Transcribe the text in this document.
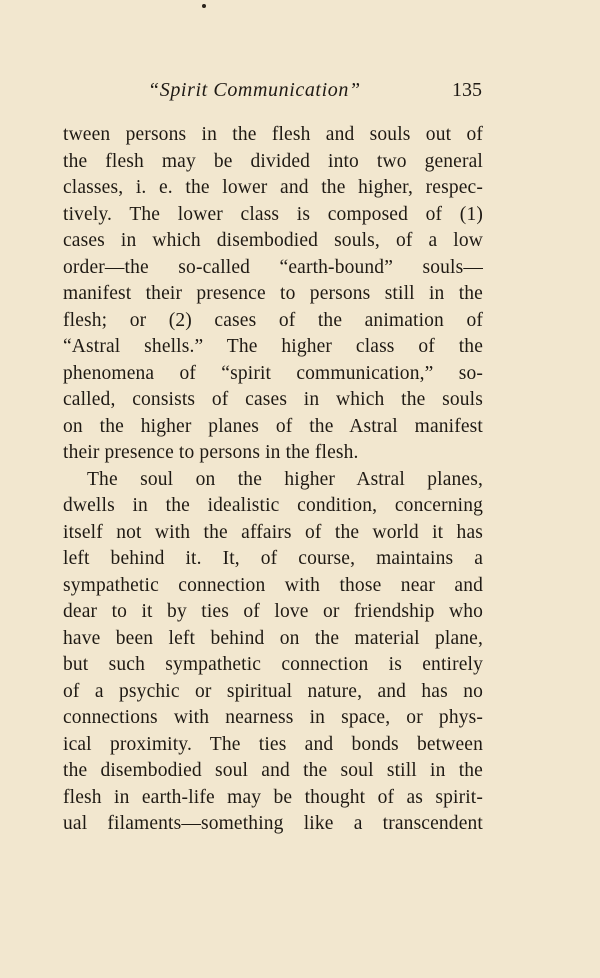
“Spirit Communication”	135
tween persons in the flesh and souls out of
the flesh may be divided into two general
classes, i. e. the lower and the higher, respec-
tively. The lower class is composed of (1)
cases in which disembodied souls, of a low
order—the so-called “earth-bound” souls—
manifest their presence to persons still in the
flesh; or (2) cases of the animation of
“Astral shells.” The higher class of the
phenomena of “spirit communication,” so-
called, consists of cases in which the souls
on the higher planes of the Astral manifest
their presence to persons in the flesh.
The soul on the higher Astral planes,
dwells in the idealistic condition, concerning
itself not with the affairs of the world it has
left behind it. It, of course, maintains a
sympathetic connection with those near and
dear to it by ties of love or friendship who
have been left behind on the material plane,
but such sympathetic connection is entirely
of a psychic or spiritual nature, and has no
connections with nearness in space, or phys-
ical proximity. The ties and bonds between
the disembodied soul and the soul still in the
flesh in earth-life may be thought of as spirit-
ual filaments—something like a transcendent
